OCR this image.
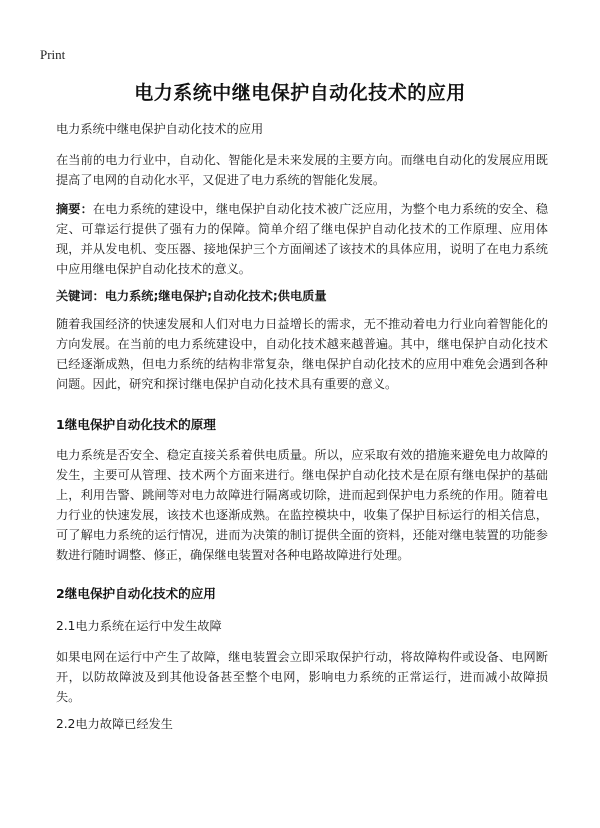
Print
电力系统中继电保护自动化技术的应用
电力系统中继电保护自动化技术的应用
在当前的电力行业中，自动化、智能化是未来发展的主要方向。而继电自动化的发展应用既提高了电网的自动化水平，又促进了电力系统的智能化发展。
摘要：在电力系统的建设中，继电保护自动化技术被广泛应用，为整个电力系统的安全、稳定、可靠运行提供了强有力的保障。简单介绍了继电保护自动化技术的工作原理、应用体现，并从发电机、变压器、接地保护三个方面阐述了该技术的具体应用，说明了在电力系统中应用继电保护自动化技术的意义。
关键词：电力系统;继电保护;自动化技术;供电质量
随着我国经济的快速发展和人们对电力日益增长的需求，无不推动着电力行业向着智能化的方向发展。在当前的电力系统建设中，自动化技术越来越普遍。其中，继电保护自动化技术已经逐渐成熟，但电力系统的结构非常复杂，继电保护自动化技术的应用中难免会遇到各种问题。因此，研究和探讨继电保护自动化技术具有重要的意义。
1继电保护自动化技术的原理
电力系统是否安全、稳定直接关系着供电质量。所以，应采取有效的措施来避免电力故障的发生，主要可从管理、技术两个方面来进行。继电保护自动化技术是在原有继电保护的基础上，利用告警、跳闸等对电力故障进行隔离或切除，进而起到保护电力系统的作用。随着电力行业的快速发展，该技术也逐渐成熟。在监控模块中，收集了保护目标运行的相关信息，可了解电力系统的运行情况，进而为决策的制订提供全面的资料，还能对继电装置的功能参数进行随时调整、修正，确保继电装置对各种电路故障进行处理。
2继电保护自动化技术的应用
2.1电力系统在运行中发生故障
如果电网在运行中产生了故障，继电装置会立即采取保护行动，将故障构件或设备、电网断开，以防故障波及到其他设备甚至整个电网，影响电力系统的正常运行，进而减小故障损失。
2.2电力故障已经发生
